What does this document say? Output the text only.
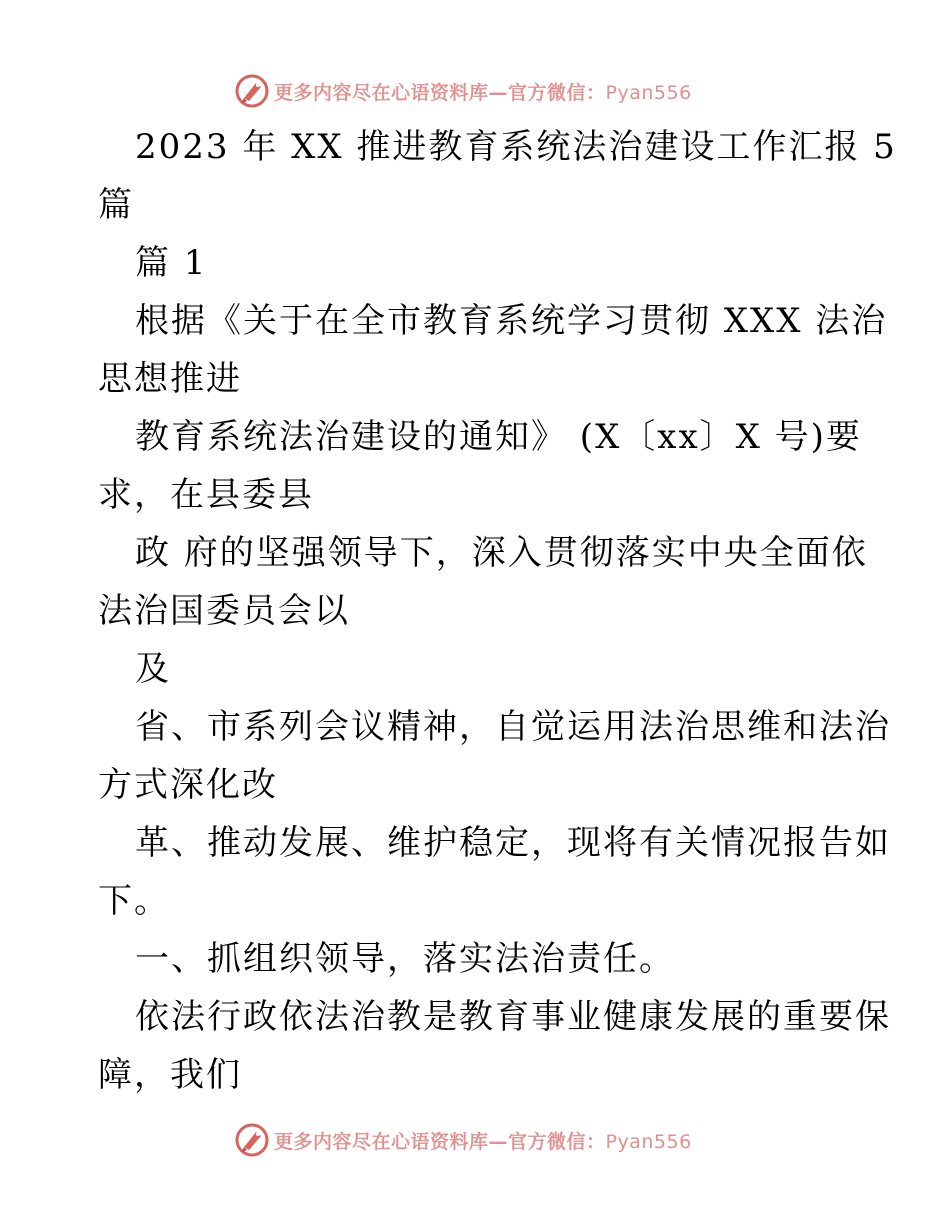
更多内容尽在心语资料库—官方微信：Pyan556
2023 年 XX 推进教育系统法治建设工作汇报 5
篇
篇 1
根据《关于在全市教育系统学习贯彻 XXX 法治
思想推进
教育系统法治建设的通知》 (X〔xx〕X 号)要
求，在县委县
政 府的坚强领导下，深入贯彻落实中央全面依
法治国委员会以
及
省、市系列会议精神，自觉运用法治思维和法治
方式深化改
革、推动发展、维护稳定，现将有关情况报告如
下。
一、抓组织领导，落实法治责任。
依法行政依法治教是教育事业健康发展的重要保
障，我们
更多内容尽在心语资料库—官方微信：Pyan556
